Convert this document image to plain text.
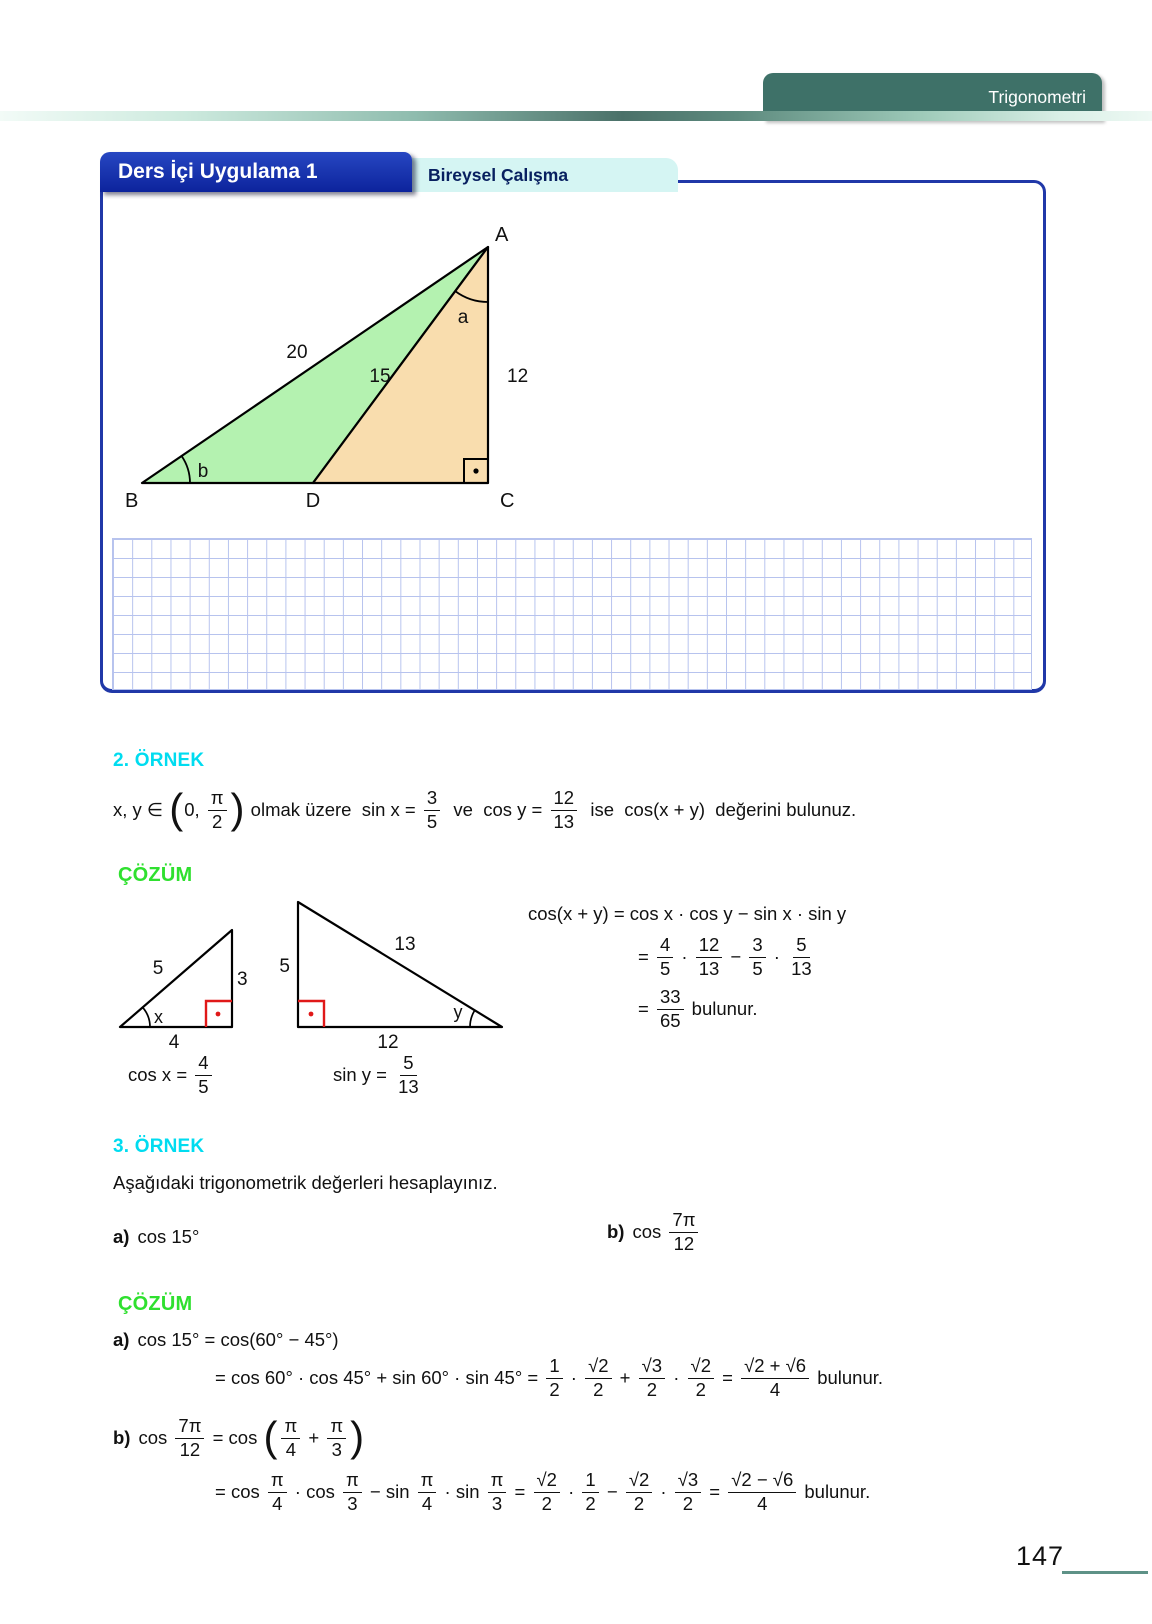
Trigonometri
Ders İçi Uygulama 1	Bireysel Çalışma
A
B	C
D
20
15	12
a
b
2. ÖRNEK
x, y ∈ ( 0, $\frac{\pi}{2}$ ) olmak üzere  $\sin x = \frac{3}{5}$ ve  $\cos y = \frac{12}{13}$ ise  cos(x + y)  değerini bulunuz.
ÇÖZÜM
5
3
x
4
5
13
y
12
$\cos x = \frac{4}{5}$	$\sin y = \frac{5}{13}$
cos(x + y) = cos x · cos y − sin x · sin y
= $\frac{4}{5} \cdot \frac{12}{13} - \frac{3}{5} \cdot \frac{5}{13}$
= $\frac{33}{65}$ bulunur.
3. ÖRNEK
Aşağıdaki trigonometrik değerleri hesaplayınız.
a) cos 15°	b) $\cos \frac{7\pi}{12}$
ÇÖZÜM
a) cos 15° = cos(60° − 45°)
= $\cos 60^\circ \cdot \cos 45^\circ + \sin 60^\circ \cdot \sin 45^\circ = \frac{1}{2} \cdot \frac{√2}{2} + \frac{√3}{2} \cdot \frac{√2}{2} = \frac{√2 + √6}{4}$ bulunur.
b) $\cos \frac{7\pi}{12} = \cos$ ( $\frac{\pi}{4} + \frac{\pi}{3}$ )
= $\cos \frac{\pi}{4} \cdot \cos \frac{\pi}{3} - \sin \frac{\pi}{4} \cdot \sin \frac{\pi}{3} = \frac{√2}{2} \cdot \frac{1}{2} - \frac{√2}{2} \cdot \frac{√3}{2} = \frac{√2 - √6}{4}$ bulunur.
147
